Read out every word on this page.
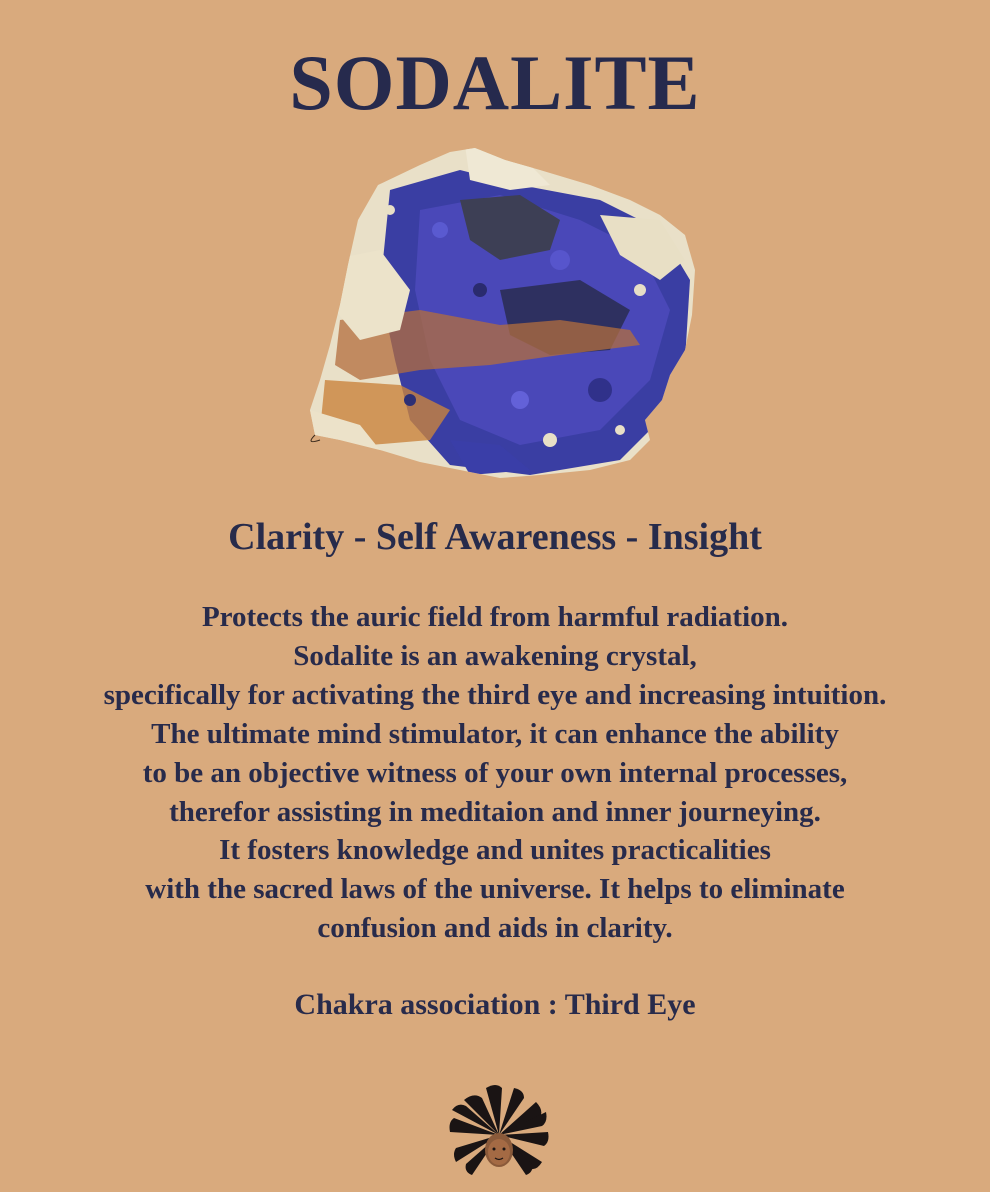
SODALITE
Clarity - Self Awareness - Insight
Protects the auric field from harmful radiation.
Sodalite is an awakening crystal,
specifically for activating the third eye and increasing intuition.
The ultimate mind stimulator, it can enhance the ability
to be an objective witness of your own internal processes,
therefor assisting in meditaion and inner journeying.
It fosters knowledge and unites practicalities
with the sacred laws of the universe. It helps to eliminate
confusion and aids in clarity.
Chakra association : Third Eye
